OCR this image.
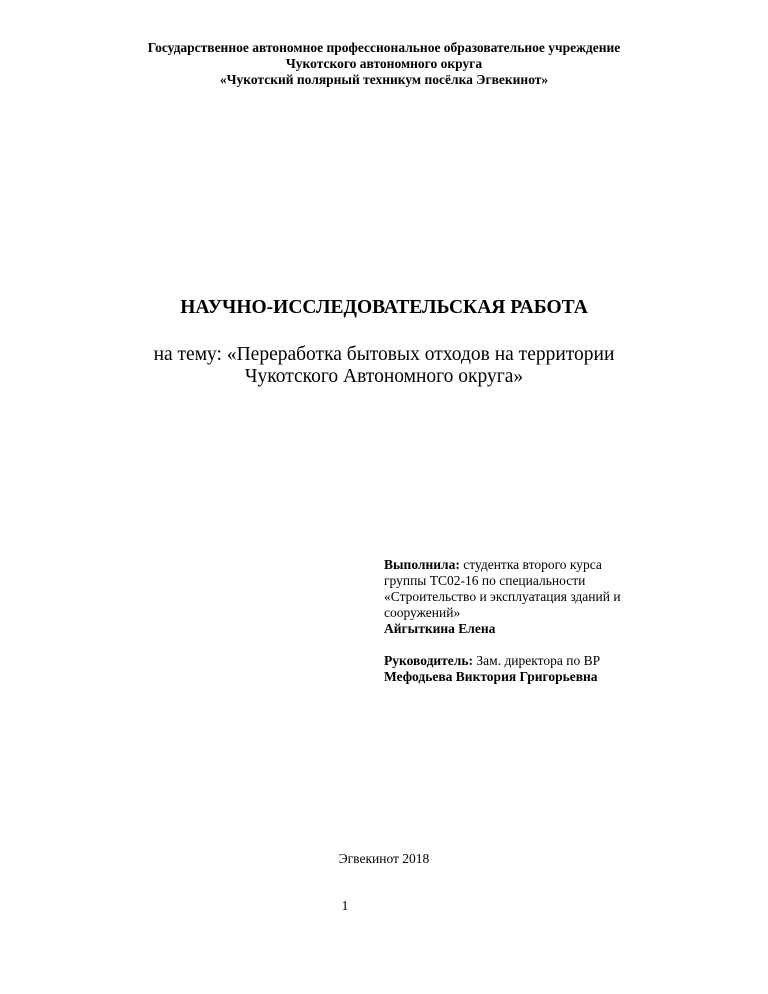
Государственное автономное профессиональное образовательное учреждение
Чукотского автономного округа
«Чукотский полярный техникум посёлка Эгвекинот»
НАУЧНО-ИССЛЕДОВАТЕЛЬСКАЯ РАБОТА
на тему: «Переработка бытовых отходов на территории
Чукотского Автономного округа»
Выполнила: студентка второго курса
группы ТС02-16 по специальности
«Строительство и эксплуатация зданий и
сооружений»
Айгыткина Елена
Руководитель: Зам. директора по ВР
Мефодьева Виктория Григорьевна
Эгвекинот 2018
1
